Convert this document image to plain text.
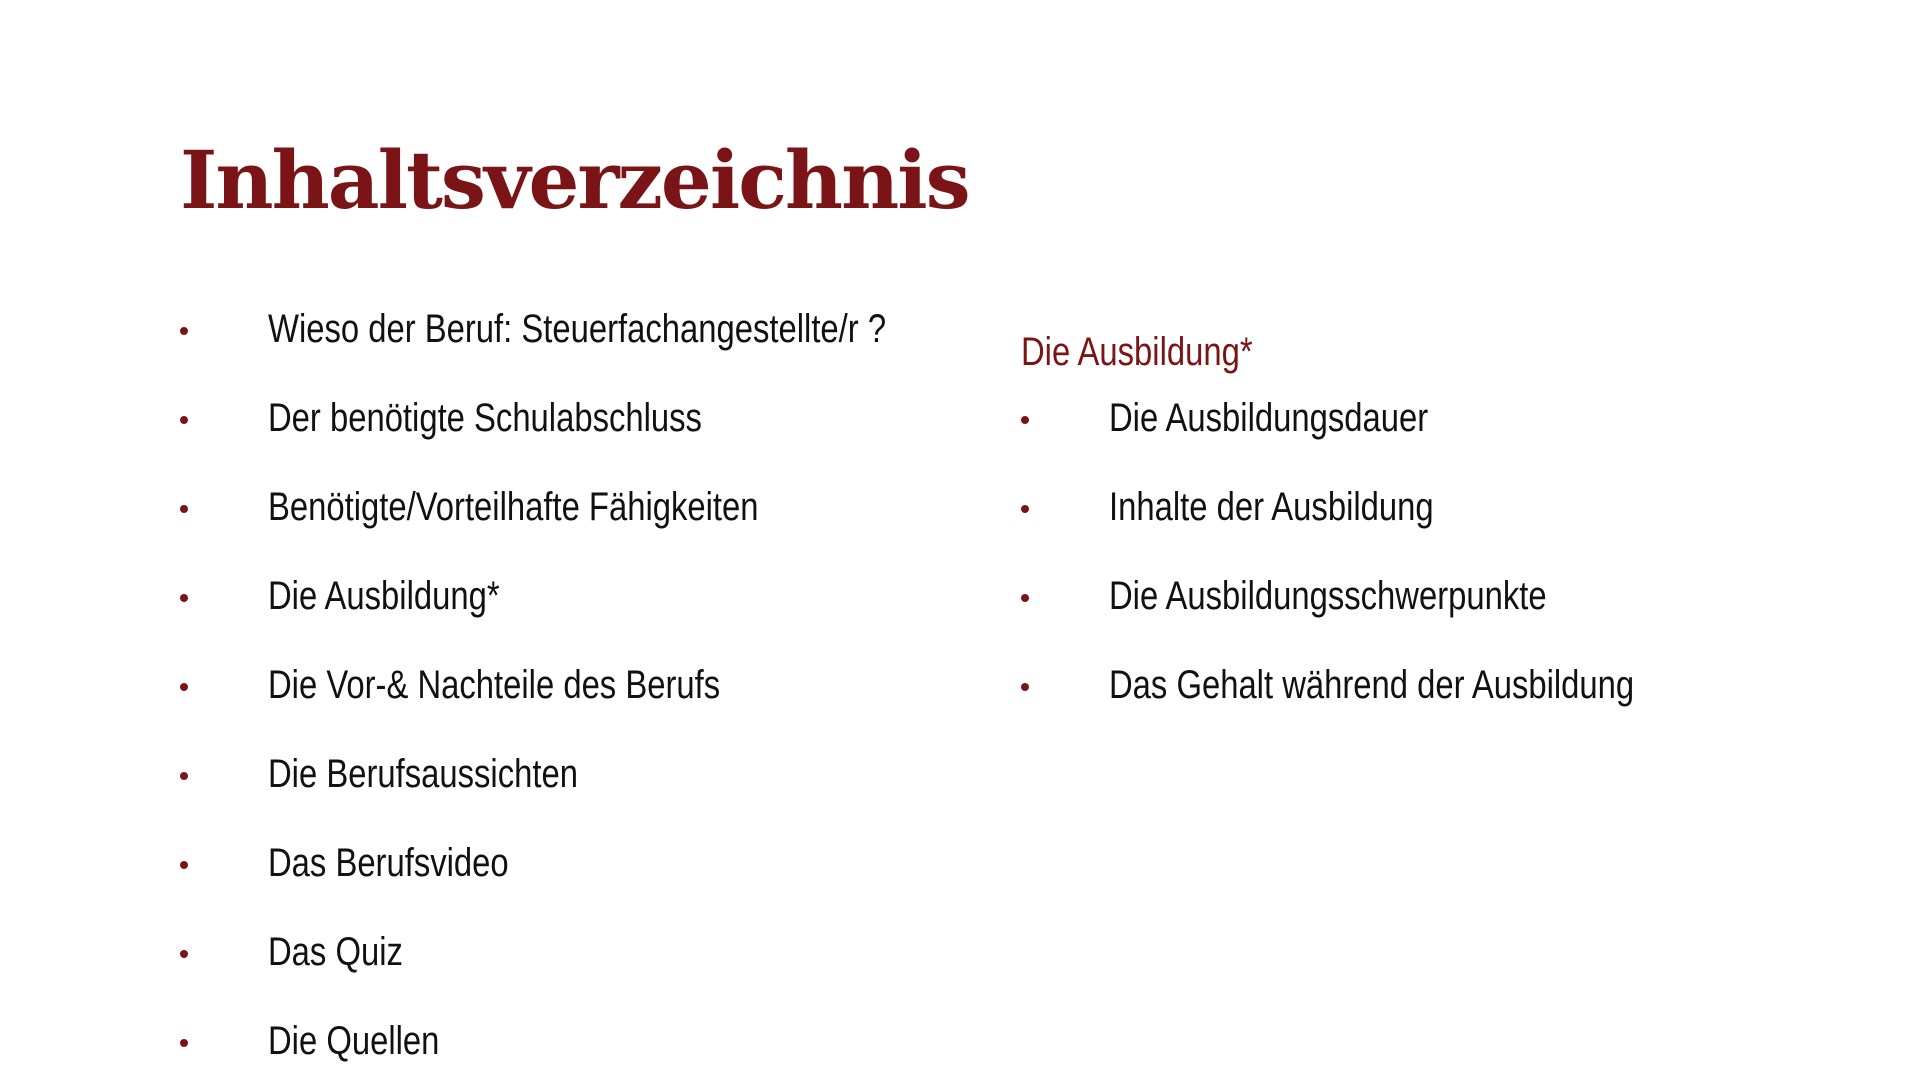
Inhaltsverzeichnis
Wieso der Beruf: Steuerfachangestellte/r ?
Der benötigte Schulabschluss
Benötigte/Vorteilhafte Fähigkeiten
Die Ausbildung*
Die Vor-& Nachteile des Berufs
Die Berufsaussichten
Das Berufsvideo
Das Quiz
Die Quellen
Die Ausbildung*
Die Ausbildungsdauer
Inhalte der Ausbildung
Die Ausbildungsschwerpunkte
Das Gehalt während der Ausbildung
